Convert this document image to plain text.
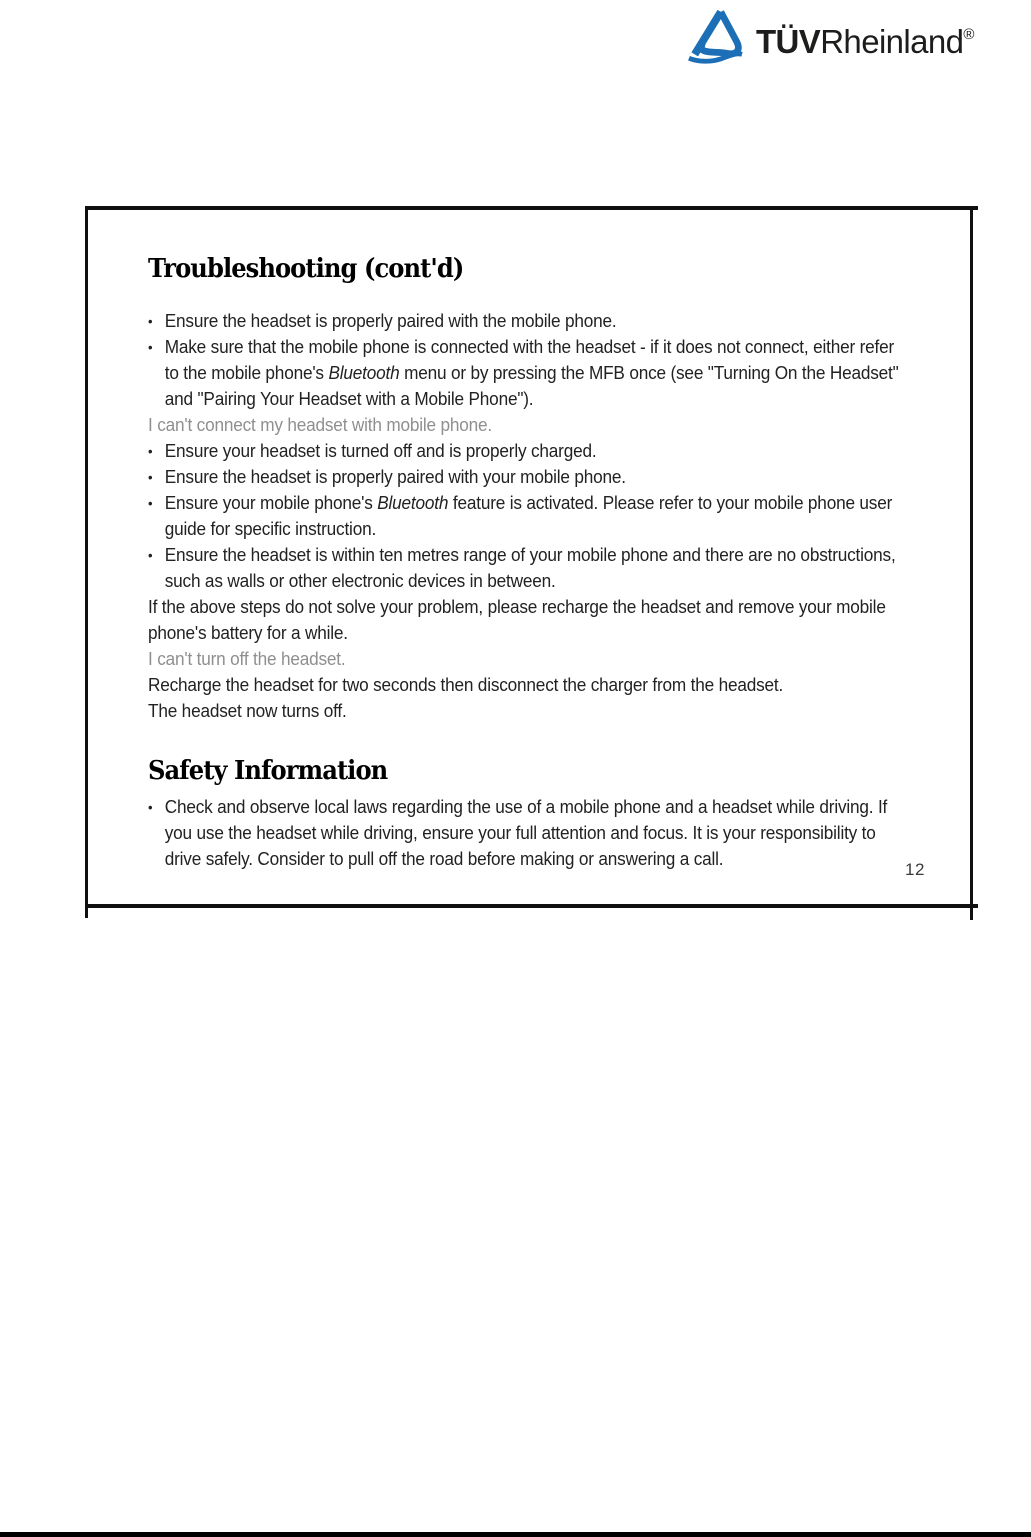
TÜVRheinland®
Troubleshooting (cont'd)
• Ensure the headset is properly paired with the mobile phone.
• Make sure that the mobile phone is connected with the headset - if it does not connect, either refer to the mobile phone's Bluetooth menu or by pressing the MFB once (see "Turning On the Headset" and "Pairing Your Headset with a Mobile Phone").
I can't connect my headset with mobile phone.
• Ensure your headset is turned off and is properly charged.
• Ensure the headset is properly paired with your mobile phone.
• Ensure your mobile phone's Bluetooth feature is activated. Please refer to your mobile phone user guide for specific instruction.
• Ensure the headset is within ten metres range of your mobile phone and there are no obstructions, such as walls or other electronic devices in between.
If the above steps do not solve your problem, please recharge the headset and remove your mobile phone's battery for a while.
I can't turn off the headset.
Recharge the headset for two seconds then disconnect the charger from the headset.
The headset now turns off.
Safety Information
• Check and observe local laws regarding the use of a mobile phone and a headset while driving. If you use the headset while driving, ensure your full attention and focus. It is your responsibility to drive safely. Consider to pull off the road before making or answering a call.
12
